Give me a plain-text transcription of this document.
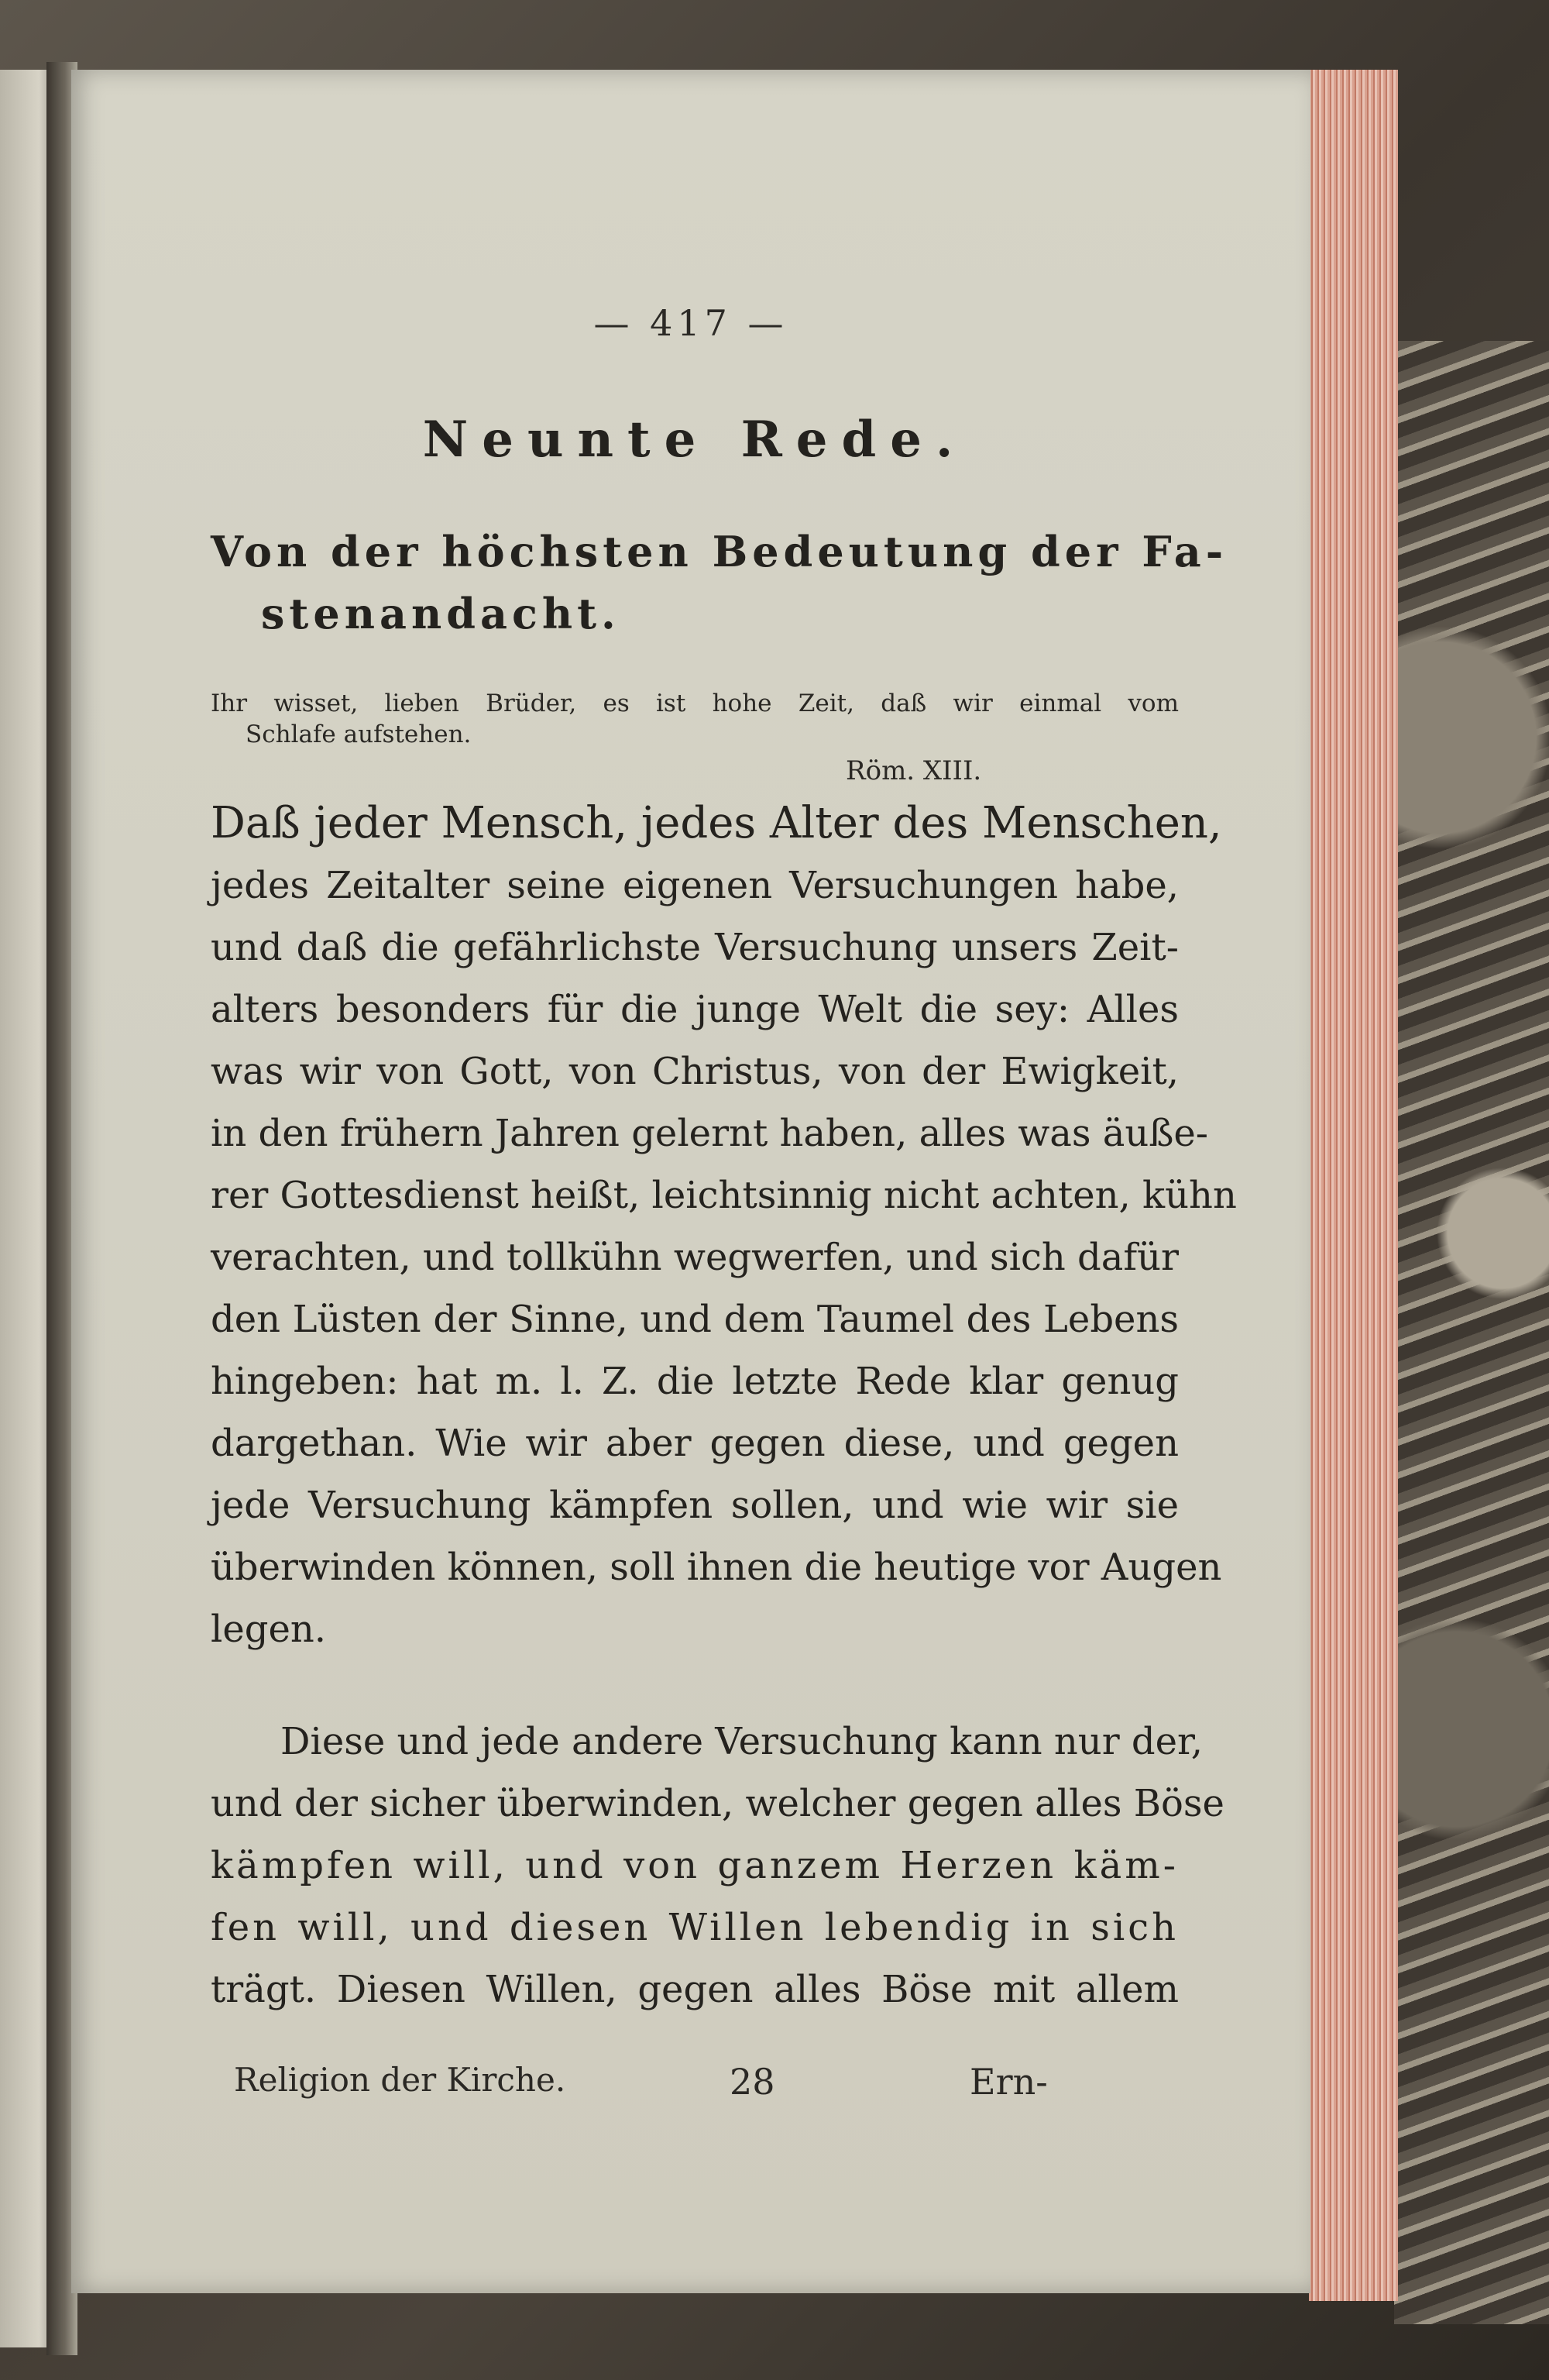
— 417 —

Neunte Rede.

Von der höchsten Bedeutung der Fa-

stenandacht.

Ihr wisset, lieben Brüder, es ist hohe Zeit, daß wir einmal vom

Schlafe aufstehen.

Röm. XIII.

Daß jeder Mensch, jedes Alter des Menschen,

jedes Zeitalter seine eigenen Versuchungen habe,

und daß die gefährlichste Versuchung unsers Zeit-

alters besonders für die junge Welt die sey: Alles

was wir von Gott, von Christus, von der Ewigkeit,

in den frühern Jahren gelernt haben, alles was äuße-

rer Gottesdienst heißt, leichtsinnig nicht achten, kühn

verachten, und tollkühn wegwerfen, und sich dafür

den Lüsten der Sinne, und dem Taumel des Lebens

hingeben: hat m. l. Z. die letzte Rede klar genug

dargethan. Wie wir aber gegen diese, und gegen

jede Versuchung kämpfen sollen, und wie wir sie

überwinden können, soll ihnen die heutige vor Augen

legen.

Diese und jede andere Versuchung kann nur der,

und der sicher überwinden, welcher gegen alles Böse

kämpfen will, und von ganzem Herzen käm-

fen will, und diesen Willen lebendig in sich

trägt. Diesen Willen, gegen alles Böse mit allem

Religion der Kirche.	28	Ern-
